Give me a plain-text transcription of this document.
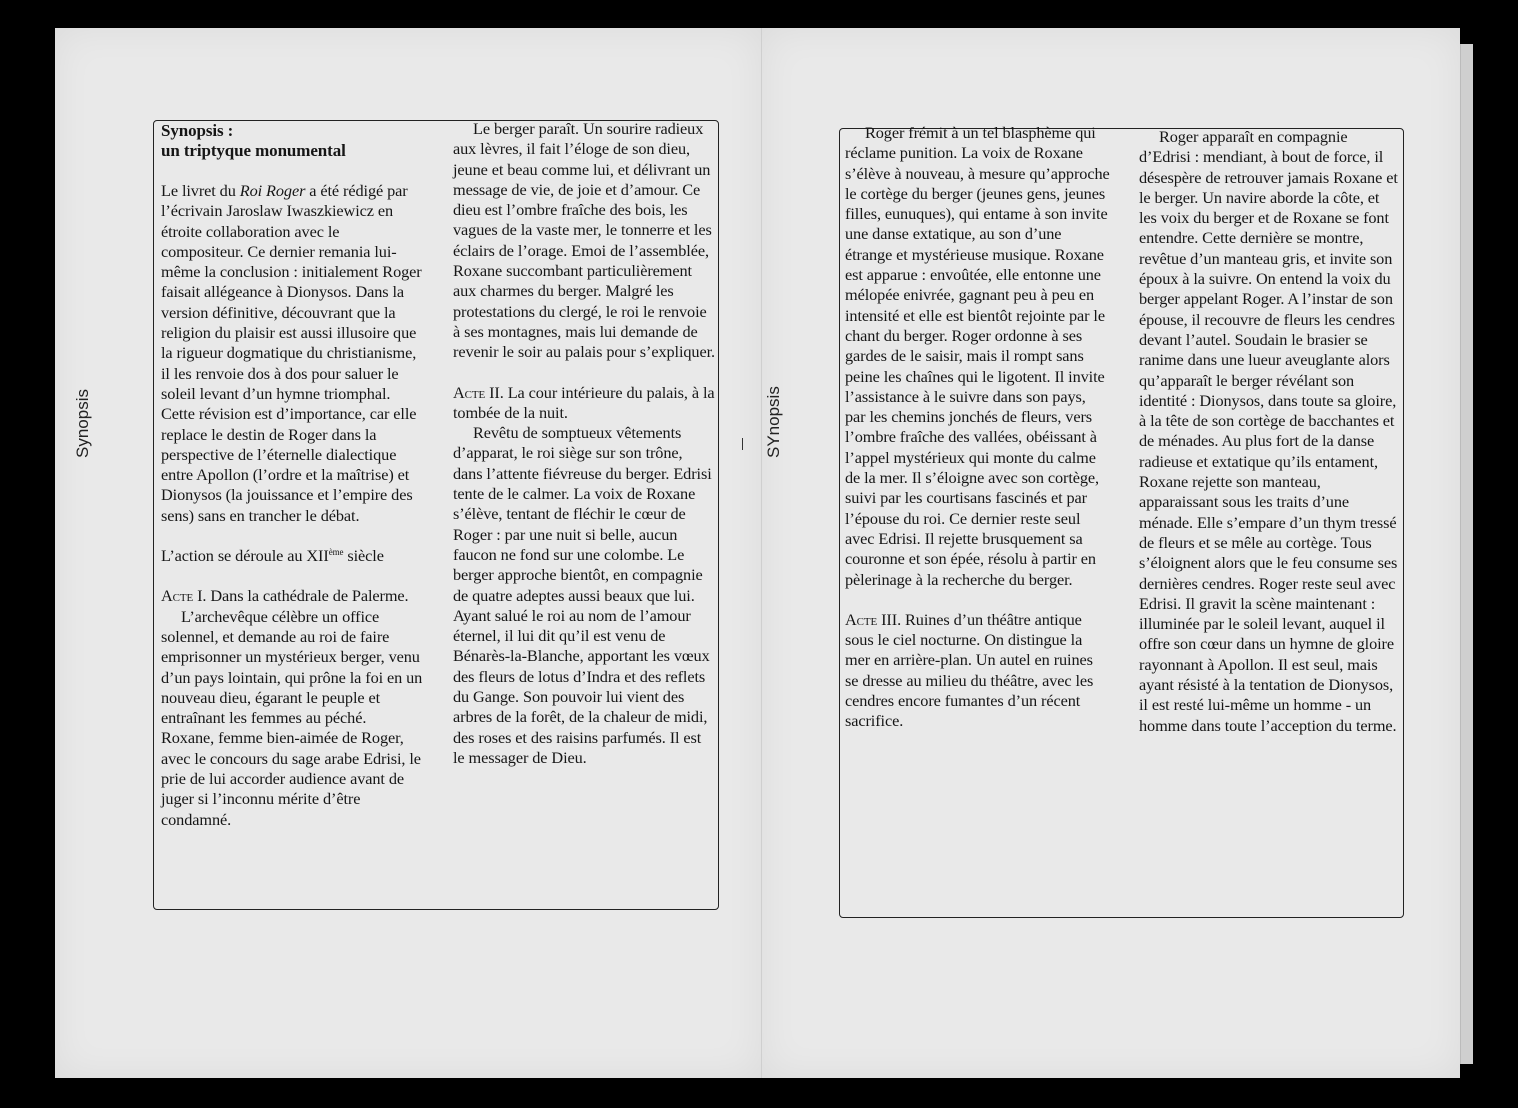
Synopsis

Synopsis :

un triptyque monumental

Le livret du Roi Roger a été rédigé par l’écrivain Jaroslaw Iwaszkiewicz en étroite collaboration avec le compositeur. Ce dernier remania lui-même la conclusion : initialement Roger faisait allégeance à Dionysos. Dans la version définitive, découvrant que la religion du plaisir est aussi illusoire que la rigueur dogmatique du christianisme, il les renvoie dos à dos pour saluer le soleil levant d’un hymne triomphal. Cette révision est d’importance, car elle replace le destin de Roger dans la perspective de l’éternelle dialectique entre Apollon (l’ordre et la maîtrise) et Dionysos (la jouissance et l’empire des sens) sans en trancher le débat.

L’action se déroule au XIIème siècle

Acte I. Dans la cathédrale de Palerme.

L’archevêque célèbre un office solennel, et demande au roi de faire emprisonner un mystérieux berger, venu d’un pays lointain, qui prône la foi en un nouveau dieu, égarant le peuple et entraînant les femmes au péché. Roxane, femme bien-aimée de Roger, avec le concours du sage arabe Edrisi, le prie de lui accorder audience avant de juger si l’inconnu mérite d’être condamné.

Le berger paraît. Un sourire radieux aux lèvres, il fait l’éloge de son dieu, jeune et beau comme lui, et délivrant un message de vie, de joie et d’amour. Ce dieu est l’ombre fraîche des bois, les vagues de la vaste mer, le tonnerre et les éclairs de l’orage. Emoi de l’assemblée, Roxane succombant particulièrement aux charmes du berger. Malgré les protestations du clergé, le roi le renvoie à ses montagnes, mais lui demande de revenir le soir au palais pour s’expliquer.

Acte II. La cour intérieure du palais, à la tombée de la nuit.

Revêtu de somptueux vêtements d’apparat, le roi siège sur son trône, dans l’attente fiévreuse du berger. Edrisi tente de le calmer. La voix de Roxane s’élève, tentant de fléchir le cœur de Roger : par une nuit si belle, aucun faucon ne fond sur une colombe. Le berger approche bientôt, en compagnie de quatre adeptes aussi beaux que lui. Ayant salué le roi au nom de l’amour éternel, il lui dit qu’il est venu de Bénarès-la-Blanche, apportant les vœux des fleurs de lotus d’Indra et des reflets du Gange. Son pouvoir lui vient des arbres de la forêt, de la chaleur de midi, des roses et des raisins parfumés. Il est le messager de Dieu.

SYnopsis

Roger frémit à un tel blasphème qui réclame punition. La voix de Roxane s’élève à nouveau, à mesure qu’approche le cortège du berger (jeunes gens, jeunes filles, eunuques), qui entame à son invite une danse extatique, au son d’une étrange et mystérieuse musique. Roxane est apparue : envoûtée, elle entonne une mélopée enivrée, gagnant peu à peu en intensité et elle est bientôt rejointe par le chant du berger. Roger ordonne à ses gardes de le saisir, mais il rompt sans peine les chaînes qui le ligotent. Il invite l’assistance à le suivre dans son pays, par les chemins jonchés de fleurs, vers l’ombre fraîche des vallées, obéissant à l’appel mystérieux qui monte du calme de la mer. Il s’éloigne avec son cortège, suivi par les courtisans fascinés et par l’épouse du roi. Ce dernier reste seul avec Edrisi. Il rejette brusquement sa couronne et son épée, résolu à partir en pèlerinage à la recherche du berger.

Acte III. Ruines d’un théâtre antique sous le ciel nocturne. On distingue la mer en arrière-plan. Un autel en ruines se dresse au milieu du théâtre, avec les cendres encore fumantes d’un récent sacrifice.

Roger apparaît en compagnie d’Edrisi : mendiant, à bout de force, il désespère de retrouver jamais Roxane et le berger. Un navire aborde la côte, et les voix du berger et de Roxane se font entendre. Cette dernière se montre, revêtue d’un manteau gris, et invite son époux à la suivre. On entend la voix du berger appelant Roger. A l’instar de son épouse, il recouvre de fleurs les cendres devant l’autel. Soudain le brasier se ranime dans une lueur aveuglante alors qu’apparaît le berger révélant son identité : Dionysos, dans toute sa gloire, à la tête de son cortège de bacchantes et de ménades. Au plus fort de la danse radieuse et extatique qu’ils entament, Roxane rejette son manteau, apparaissant sous les traits d’une ménade. Elle s’empare d’un thym tressé de fleurs et se mêle au cortège. Tous s’éloignent alors que le feu consume ses dernières cendres. Roger reste seul avec Edrisi. Il gravit la scène maintenant : illuminée par le soleil levant, auquel il offre son cœur dans un hymne de gloire rayonnant à Apollon. Il est seul, mais ayant résisté à la tentation de Dionysos, il est resté lui-même un homme - un homme dans toute l’acception du terme.
